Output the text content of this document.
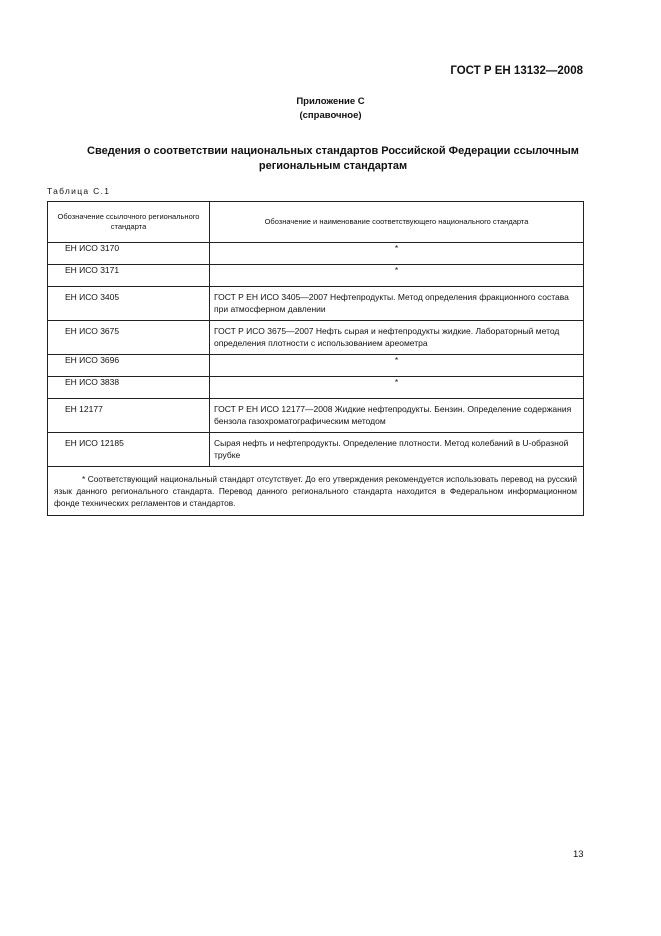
ГОСТ Р ЕН 13132—2008
Приложение С
(справочное)
Сведения о соответствии национальных стандартов Российской Федерации ссылочным региональным стандартам
Таблица С.1
Обозначение ссылочного регионального стандарта	Обозначение и наименование соответствующего национального стандарта
ЕН ИСО 3170	*
ЕН ИСО 3171	*
ЕН ИСО 3405	ГОСТ Р ЕН ИСО 3405—2007 Нефтепродукты. Метод определения фракционного состава при атмосферном давлении
ЕН ИСО 3675	ГОСТ Р ИСО 3675—2007 Нефть сырая и нефтепродукты жидкие. Лабораторный метод определения плотности с использованием ареометра
ЕН ИСО 3696	*
ЕН ИСО 3838	*
ЕН 12177	ГОСТ Р ЕН ИСО 12177—2008 Жидкие нефтепродукты. Бензин. Определение содержания бензола газохроматографическим методом
ЕН ИСО 12185	Сырая нефть и нефтепродукты. Определение плотности. Метод колебаний в U-образной трубке
* Соответствующий национальный стандарт отсутствует. До его утверждения рекомендуется использовать перевод на русский язык данного регионального стандарта. Перевод данного регионального стандарта находится в Федеральном информационном фонде технических регламентов и стандартов.	
13
